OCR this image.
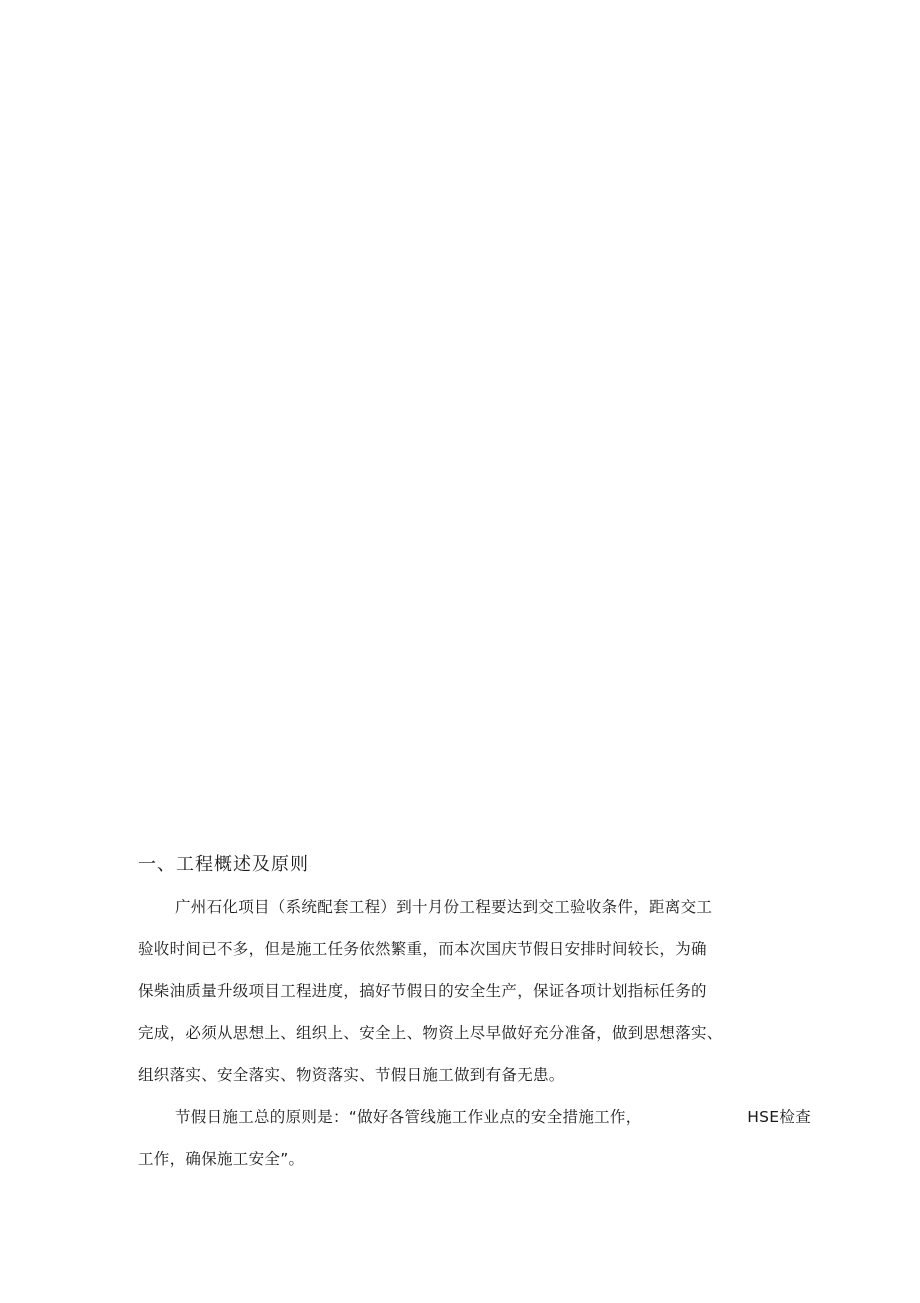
一、工程概述及原则
广州石化项目（系统配套工程）到十月份工程要达到交工验收条件，距离交工
验收时间已不多，但是施工任务依然繁重，而本次国庆节假日安排时间较长，为确
保柴油质量升级项目工程进度，搞好节假日的安全生产，保证各项计划指标任务的
完成，必须从思想上、组织上、安全上、物资上尽早做好充分准备，做到思想落实、
组织落实、安全落实、物资落实、节假日施工做到有备无患。
节假日施工总的原则是：“做好各管线施工作业点的安全措施工作，	HSE检查
工作，确保施工安全”。
